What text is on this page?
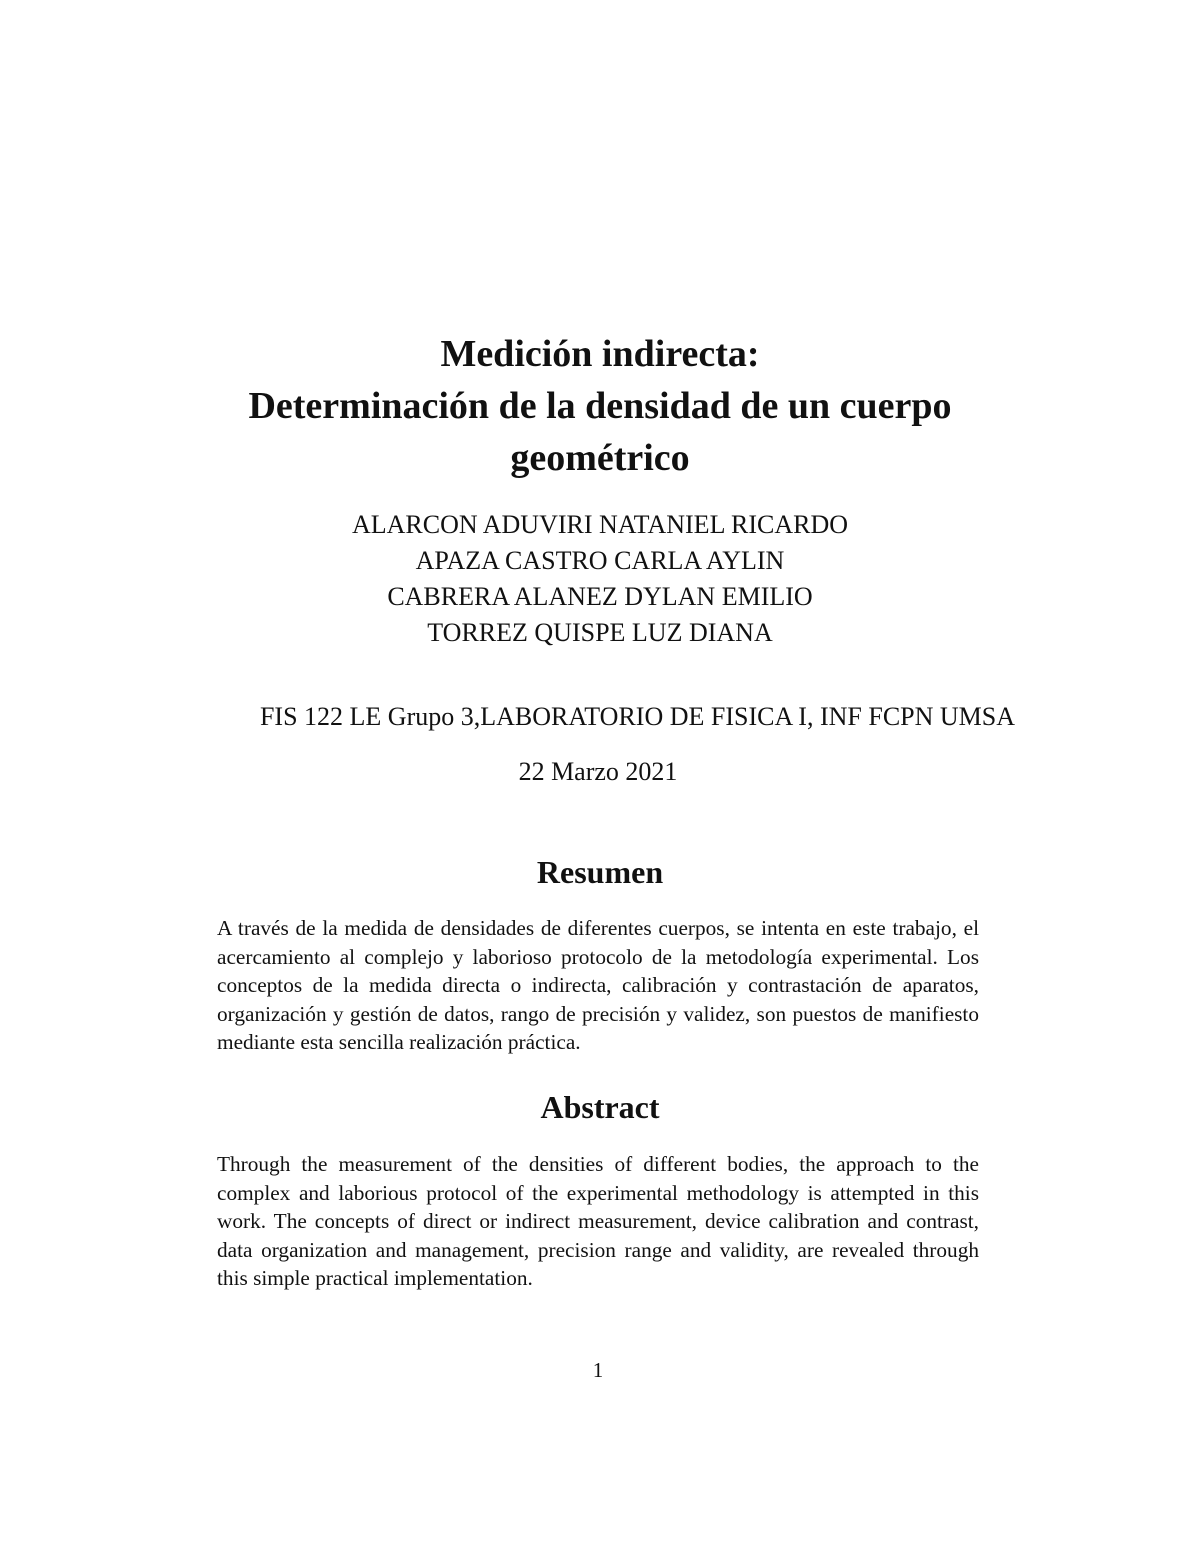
Medición indirecta:
Determinación de la densidad de un cuerpo
geométrico
ALARCON ADUVIRI NATANIEL RICARDO
APAZA CASTRO CARLA AYLIN
CABRERA ALANEZ DYLAN EMILIO
TORREZ QUISPE LUZ DIANA
FIS 122 LE Grupo 3,LABORATORIO DE FISICA I, INF FCPN UMSA
22 Marzo 2021
Resumen
A través de la medida de densidades de diferentes cuerpos, se intenta en este trabajo, el acercamiento al complejo y laborioso protocolo de la metodología experimental. Los conceptos de la medida directa o indirecta, calibración y contrastación de aparatos, organización y gestión de datos, rango de precisión y validez, son puestos de manifiesto mediante esta sencilla realización práctica.
Abstract
Through the measurement of the densities of different bodies, the approach to the complex and laborious protocol of the experimental methodology is attempted in this work. The concepts of direct or indirect measurement, device calibration and contrast, data organization and management, precision range and validity, are revealed through this simple practical implementation.
1
